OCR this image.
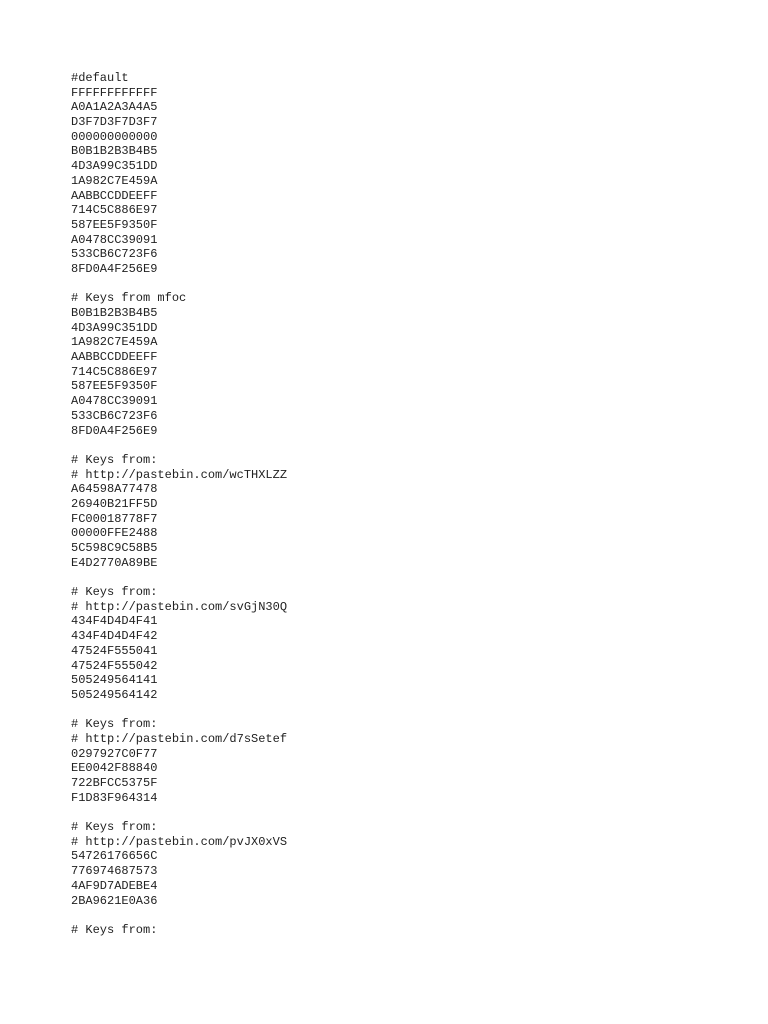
#default
FFFFFFFFFFFF
A0A1A2A3A4A5
D3F7D3F7D3F7
000000000000
B0B1B2B3B4B5
4D3A99C351DD
1A982C7E459A
AABBCCDDEEFF
714C5C886E97
587EE5F9350F
A0478CC39091
533CB6C723F6
8FD0A4F256E9
# Keys from mfoc
B0B1B2B3B4B5
4D3A99C351DD
1A982C7E459A
AABBCCDDEEFF
714C5C886E97
587EE5F9350F
A0478CC39091
533CB6C723F6
8FD0A4F256E9
# Keys from:
# http://pastebin.com/wcTHXLZZ
A64598A77478
26940B21FF5D
FC00018778F7
00000FFE2488
5C598C9C58B5
E4D2770A89BE
# Keys from:
# http://pastebin.com/svGjN30Q
434F4D4D4F41
434F4D4D4F42
47524F555041
47524F555042
505249564141
505249564142
# Keys from:
# http://pastebin.com/d7sSetef
0297927C0F77
EE0042F88840
722BFCC5375F
F1D83F964314
# Keys from:
# http://pastebin.com/pvJX0xVS
54726176656C
776974687573
4AF9D7ADEBE4
2BA9621E0A36
# Keys from:
